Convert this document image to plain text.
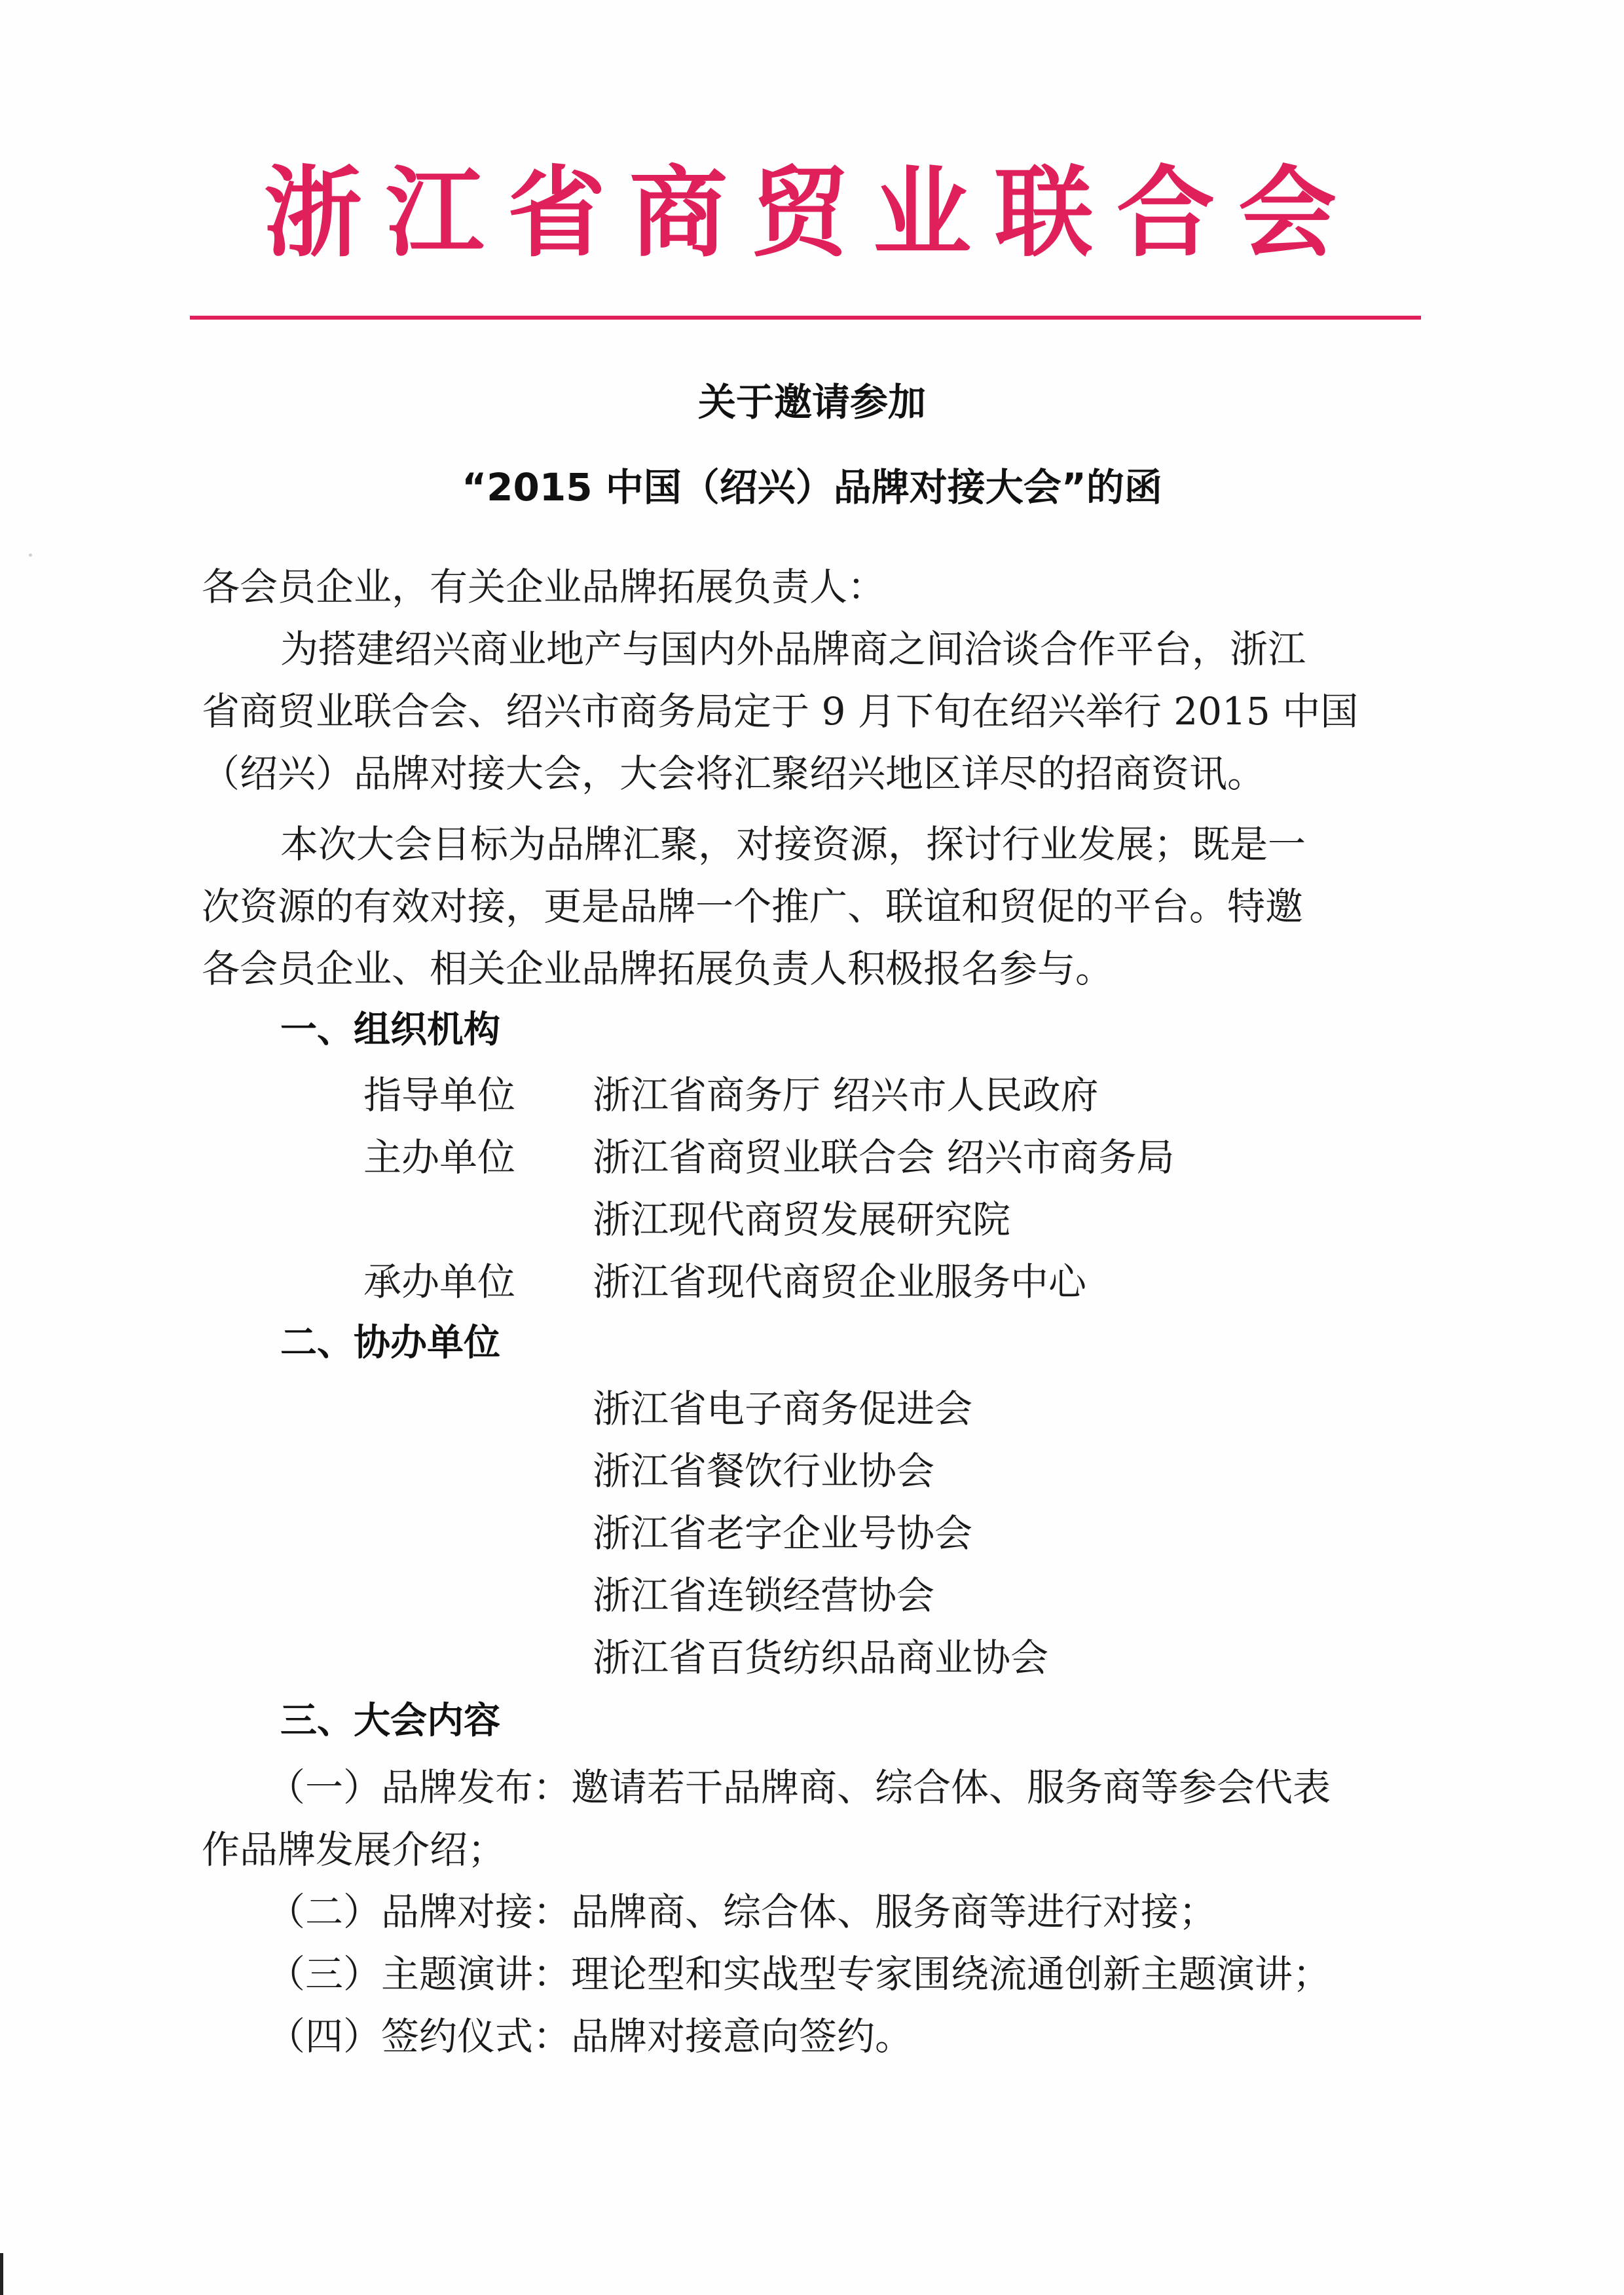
浙江省商贸业联合会
关于邀请参加
“2015 中国（绍兴）品牌对接大会”的函
各会员企业，有关企业品牌拓展负责人：
为搭建绍兴商业地产与国内外品牌商之间洽谈合作平台，浙江
省商贸业联合会、绍兴市商务局定于 9 月下旬在绍兴举行 2015 中国
（绍兴）品牌对接大会，大会将汇聚绍兴地区详尽的招商资讯。
本次大会目标为品牌汇聚，对接资源，探讨行业发展；既是一
次资源的有效对接，更是品牌一个推广、联谊和贸促的平台。特邀
各会员企业、相关企业品牌拓展负责人积极报名参与。
一、组织机构
指导单位 浙江省商务厅 绍兴市人民政府
主办单位 浙江省商贸业联合会 绍兴市商务局
浙江现代商贸发展研究院
承办单位 浙江省现代商贸企业服务中心
二、协办单位
浙江省电子商务促进会
浙江省餐饮行业协会
浙江省老字企业号协会
浙江省连锁经营协会
浙江省百货纺织品商业协会
三、大会内容
（一）品牌发布：邀请若干品牌商、综合体、服务商等参会代表
作品牌发展介绍；
（二）品牌对接：品牌商、综合体、服务商等进行对接；
（三）主题演讲：理论型和实战型专家围绕流通创新主题演讲；
（四）签约仪式：品牌对接意向签约。
